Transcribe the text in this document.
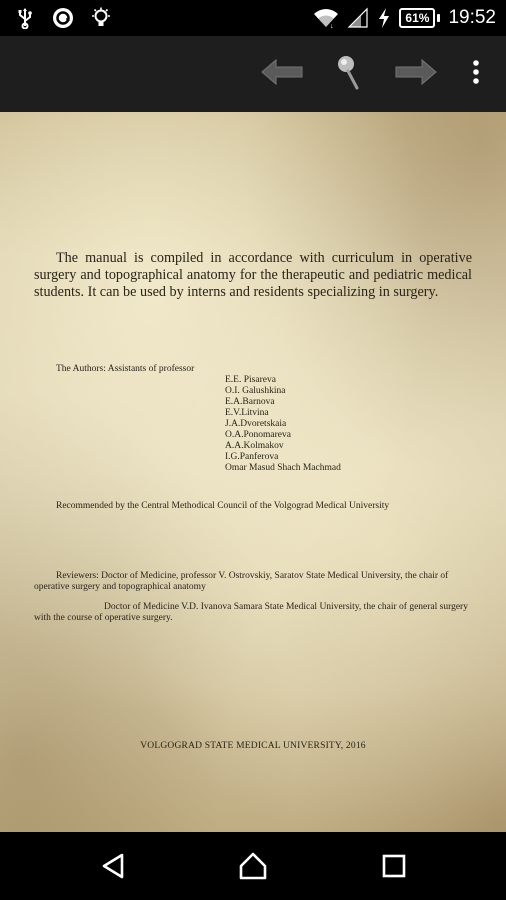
↓
61%	19:52

The manual is compiled in accordance with curriculum in operative surgery and topographical anatomy for the therapeutic and pediatric medical students. It can be used by interns and residents specializing in surgery.

The Authors: Assistants of professor
E.E. Pisareva
O.I. Galushkina
E.A.Barnova
E.V.Litvina
J.A.Dvoretskaia
O.A.Ponomareva
A.A.Kolmakov
I.G.Panferova
Omar Masud Shach Machmad
Recommended by the Central Methodical Council of the Volgograd Medical University

Reviewers: Doctor of Medicine, professor V. Ostrovskiy, Saratov State Medical University, the chair of operative surgery and topographical anatomy

Doctor of Medicine V.D. Ivanova Samara State Medical University, the chair of general surgery with the course of operative surgery.

VOLGOGRAD STATE MEDICAL UNIVERSITY, 2016
